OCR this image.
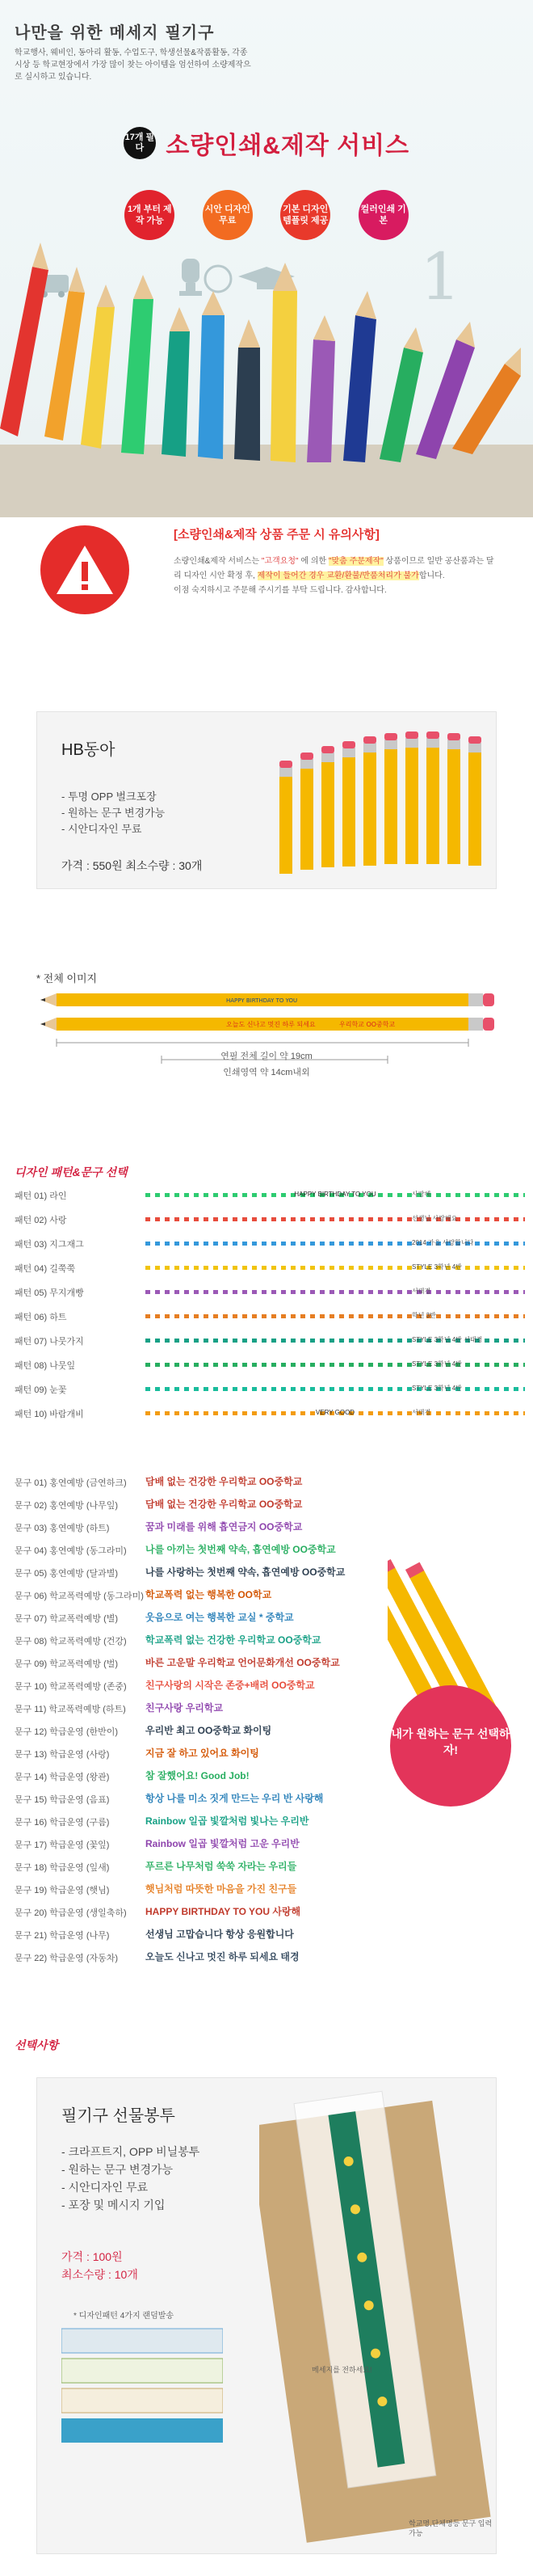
나만을 위한 메세지 필기구
학교행사, 웨비인, 동아리 활동, 수업도구, 학생선물&작품활동, 각종 시상 등 학교현장에서 가장 많이 찾는 아이템을 엄선하여 소량제작으로 실시하고 있습니다.
17개 필다 소량인쇄&제작 서비스
1개 부터 제작 가능 시안 디자인 무료 기본 디자인 템플릿 제공 컬러인쇄 기본
1
[소량인쇄&제작 상품 주문 시 유의사항]
소량인쇄&제작 서비스는 "고객요청" 에 의한 "맞춤 주문제작" 상품이므로 일반 공산품과는 달리 디자인 시안 확정 후, 제작이 들어간 경우 교환/환불/반품처리가 불가합니다.
이점 숙지하시고 주문해 주시기를 부탁 드립니다. 감사합니다.
HB동아
- 투명 OPP 벌크포장
- 원하는 문구 변경가능
- 시안디자인 무료
가격 : 550원 최소수량 : 30개
* 전체 이미지
HAPPY BIRTHDAY TO YOU
오늘도 신나고 멋진 하루 되세요	우리학교 OO중학교
연필 전체 길이 약 19cm
인쇄영역 약 14cm내외
디자인 패턴&문구 선택
패턴 01) 라인	HAPPY BIRTHDAY TO YOU	사랑해
패턴 02) 사랑	선생님 사랑해요
패턴 03) 지그재그	2014 가을 사랑합니다
패턴 04) 길쭉쭉	STYLE 3학년 4반
패턴 05) 무지개빵	서태경
패턴 06) 하트	학년 3반
패턴 07) 나뭇가지	STYLE 3학년 4반 서태경
패턴 08) 나뭇잎	STYLE 3학년 4반
패턴 09) 눈꽃	STYLE 3학년 4반
패턴 10) 바람개비	VERY GOOD	서태경
문구 01) 홍연예방 (금연하크) 담배 없는 건강한 우리학교 OO중학교
문구 02) 홍연예방 (나무잎)	담배 없는 건강한 우리학교 OO중학교
문구 03) 홍연예방 (하트)	꿈과 미래를 위해 흡연금지 OO중학교
문구 04) 홍연예방 (동그라미) 나를 아끼는 첫번째 약속, 흡연예방 OO중학교
문구 05) 홍연예방 (달과별)	나를 사랑하는 첫번째 약속, 흡연예방 OO중학교
문구 06) 학교폭력예방 (동그라미) 학교폭력 없는 행복한 OO학교
문구 07) 학교폭력예방 (별)	웃음으로 여는 행복한 교실 * 중학교
문구 08) 학교폭력예방 (건강) 학교폭력 없는 건강한 우리학교 OO중학교
문구 09) 학교폭력예방 (벌)	바른 고운말 우리학교 언어문화개선 OO중학교
문구 10) 학교폭력예방 (존중) 친구사랑의 시작은 존중+배려 OO중학교
문구 11) 학교폭력예방 (하트) 친구사랑 우리학교
문구 12) 학급운영 (한반이)	우리반 최고 OO중학교 화이팅
문구 13) 학급운영 (사랑)	지금 잘 하고 있어요 화이팅
문구 14) 학급운영 (왕관)	참 잘했어요! Good Job!
문구 15) 학급운영 (음표)	항상 나를 미소 짓게 만드는 우리 반 사랑해
문구 16) 학급운영 (구름)	Rainbow 일곱 빛깔처럼 빛나는 우리반
문구 17) 학급운영 (꽃잎)	Rainbow 일곱 빛깔처럼 고운 우리반
문구 18) 학급운영 (잎새)	푸르른 나무처럼 쑥쑥 자라는 우리들
문구 19) 학급운영 (햇님)	햇님처럼 따뜻한 마음을 가진 친구들
문구 20) 학급운영 (생일축하) HAPPY BIRTHDAY TO YOU 사랑해
문구 21) 학급운영 (나무)	선생님 고맙습니다 항상 응원합니다
문구 22) 학급운영 (자동차)	오늘도 신나고 멋진 하루 되세요 태경
내가 원하는 문구 선택하자!
선택사항
필기구 선물봉투
- 크라프트지, OPP 비닐봉투
- 원하는 문구 변경가능
- 시안디자인 무료
- 포장 및 메시지 기입
가격 : 100원
최소수량 : 10개
* 디자인패턴 4가지 랜덤발송
메세지를 전하세요!
학교명,단체명등 문구 입력 가능
